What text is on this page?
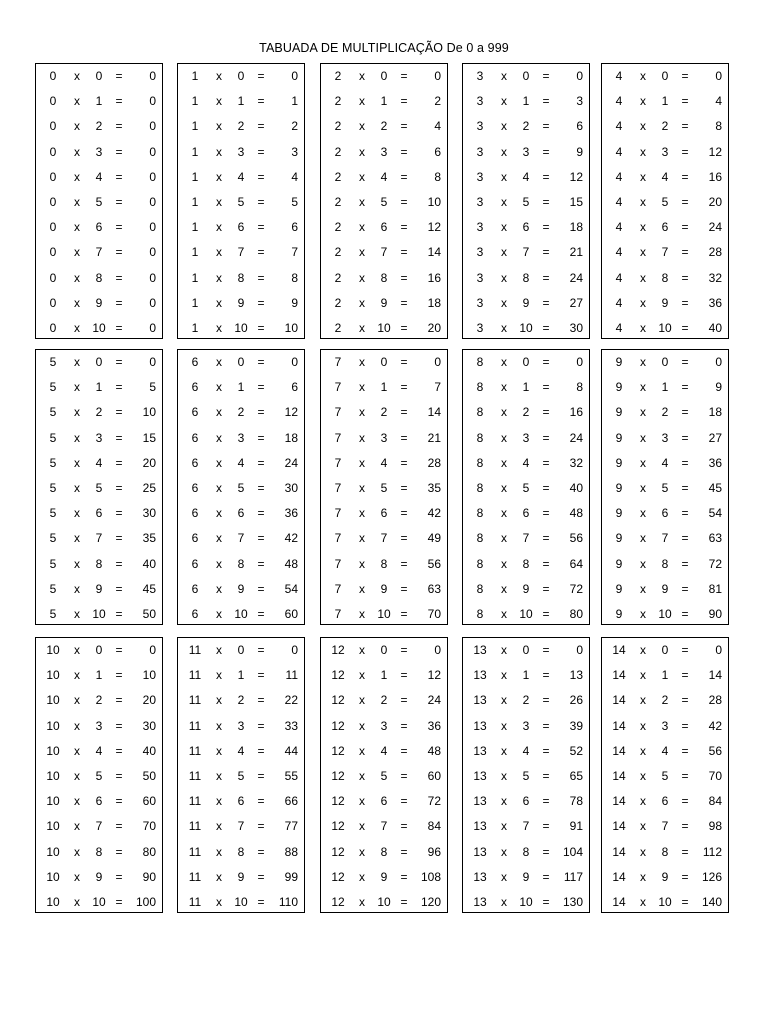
TABUADA DE MULTIPLICAÇÃO De 0 a 999
0	x	0	=	0
0	x	1	=	0
0	x	2	=	0
0	x	3	=	0
0	x	4	=	0
0	x	5	=	0
0	x	6	=	0
0	x	7	=	0
0	x	8	=	0
0	x	9	=	0
0	x	10 =	0
1	x	0	=	0
1	x	1	=	1
1	x	2	=	2
1	x	3	=	3
1	x	4	=	4
1	x	5	=	5
1	x	6	=	6
1	x	7	=	7
1	x	8	=	8
1	x	9	=	9
1	x	10 =	10
2	x	0	=	0
2	x	1	=	2
2	x	2	=	4
2	x	3	=	6
2	x	4	=	8
2	x	5	=	10
2	x	6	=	12
2	x	7	=	14
2	x	8	=	16
2	x	9	=	18
2	x	10 =	20
3	x	0	=	0
3	x	1	=	3
3	x	2	=	6
3	x	3	=	9
3	x	4	=	12
3	x	5	=	15
3	x	6	=	18
3	x	7	=	21
3	x	8	=	24
3	x	9	=	27
3	x	10 =	30
4	x	0	=	0
4	x	1	=	4
4	x	2	=	8
4	x	3	=	12
4	x	4	=	16
4	x	5	=	20
4	x	6	=	24
4	x	7	=	28
4	x	8	=	32
4	x	9	=	36
4	x	10 =	40
5	x	0	=	0
5	x	1	=	5
5	x	2	=	10
5	x	3	=	15
5	x	4	=	20
5	x	5	=	25
5	x	6	=	30
5	x	7	=	35
5	x	8	=	40
5	x	9	=	45
5	x	10 =	50
6	x	0	=	0
6	x	1	=	6
6	x	2	=	12
6	x	3	=	18
6	x	4	=	24
6	x	5	=	30
6	x	6	=	36
6	x	7	=	42
6	x	8	=	48
6	x	9	=	54
6	x	10 =	60
7	x	0	=	0
7	x	1	=	7
7	x	2	=	14
7	x	3	=	21
7	x	4	=	28
7	x	5	=	35
7	x	6	=	42
7	x	7	=	49
7	x	8	=	56
7	x	9	=	63
7	x	10 =	70
8	x	0	=	0
8	x	1	=	8
8	x	2	=	16
8	x	3	=	24
8	x	4	=	32
8	x	5	=	40
8	x	6	=	48
8	x	7	=	56
8	x	8	=	64
8	x	9	=	72
8	x	10 =	80
9	x	0	=	0
9	x	1	=	9
9	x	2	=	18
9	x	3	=	27
9	x	4	=	36
9	x	5	=	45
9	x	6	=	54
9	x	7	=	63
9	x	8	=	72
9	x	9	=	81
9	x	10 =	90
10	x	0	=	0
10	x	1	=	10
10	x	2	=	20
10	x	3	=	30
10	x	4	=	40
10	x	5	=	50
10	x	6	=	60
10	x	7	=	70
10	x	8	=	80
10	x	9	=	90
10	x	10 =	100
11	x	0	=	0
11	x	1	=	11
11	x	2	=	22
11	x	3	=	33
11	x	4	=	44
11	x	5	=	55
11	x	6	=	66
11	x	7	=	77
11	x	8	=	88
11	x	9	=	99
11	x	10 =	110
12	x	0	=	0
12	x	1	=	12
12	x	2	=	24
12	x	3	=	36
12	x	4	=	48
12	x	5	=	60
12	x	6	=	72
12	x	7	=	84
12	x	8	=	96
12	x	9	=	108
12	x	10 =	120
13	x	0	=	0
13	x	1	=	13
13	x	2	=	26
13	x	3	=	39
13	x	4	=	52
13	x	5	=	65
13	x	6	=	78
13	x	7	=	91
13	x	8	=	104
13	x	9	=	117
13	x	10 =	130
14	x	0	=	0
14	x	1	=	14
14	x	2	=	28
14	x	3	=	42
14	x	4	=	56
14	x	5	=	70
14	x	6	=	84
14	x	7	=	98
14	x	8	=	112
14	x	9	=	126
14	x	10 =	140
